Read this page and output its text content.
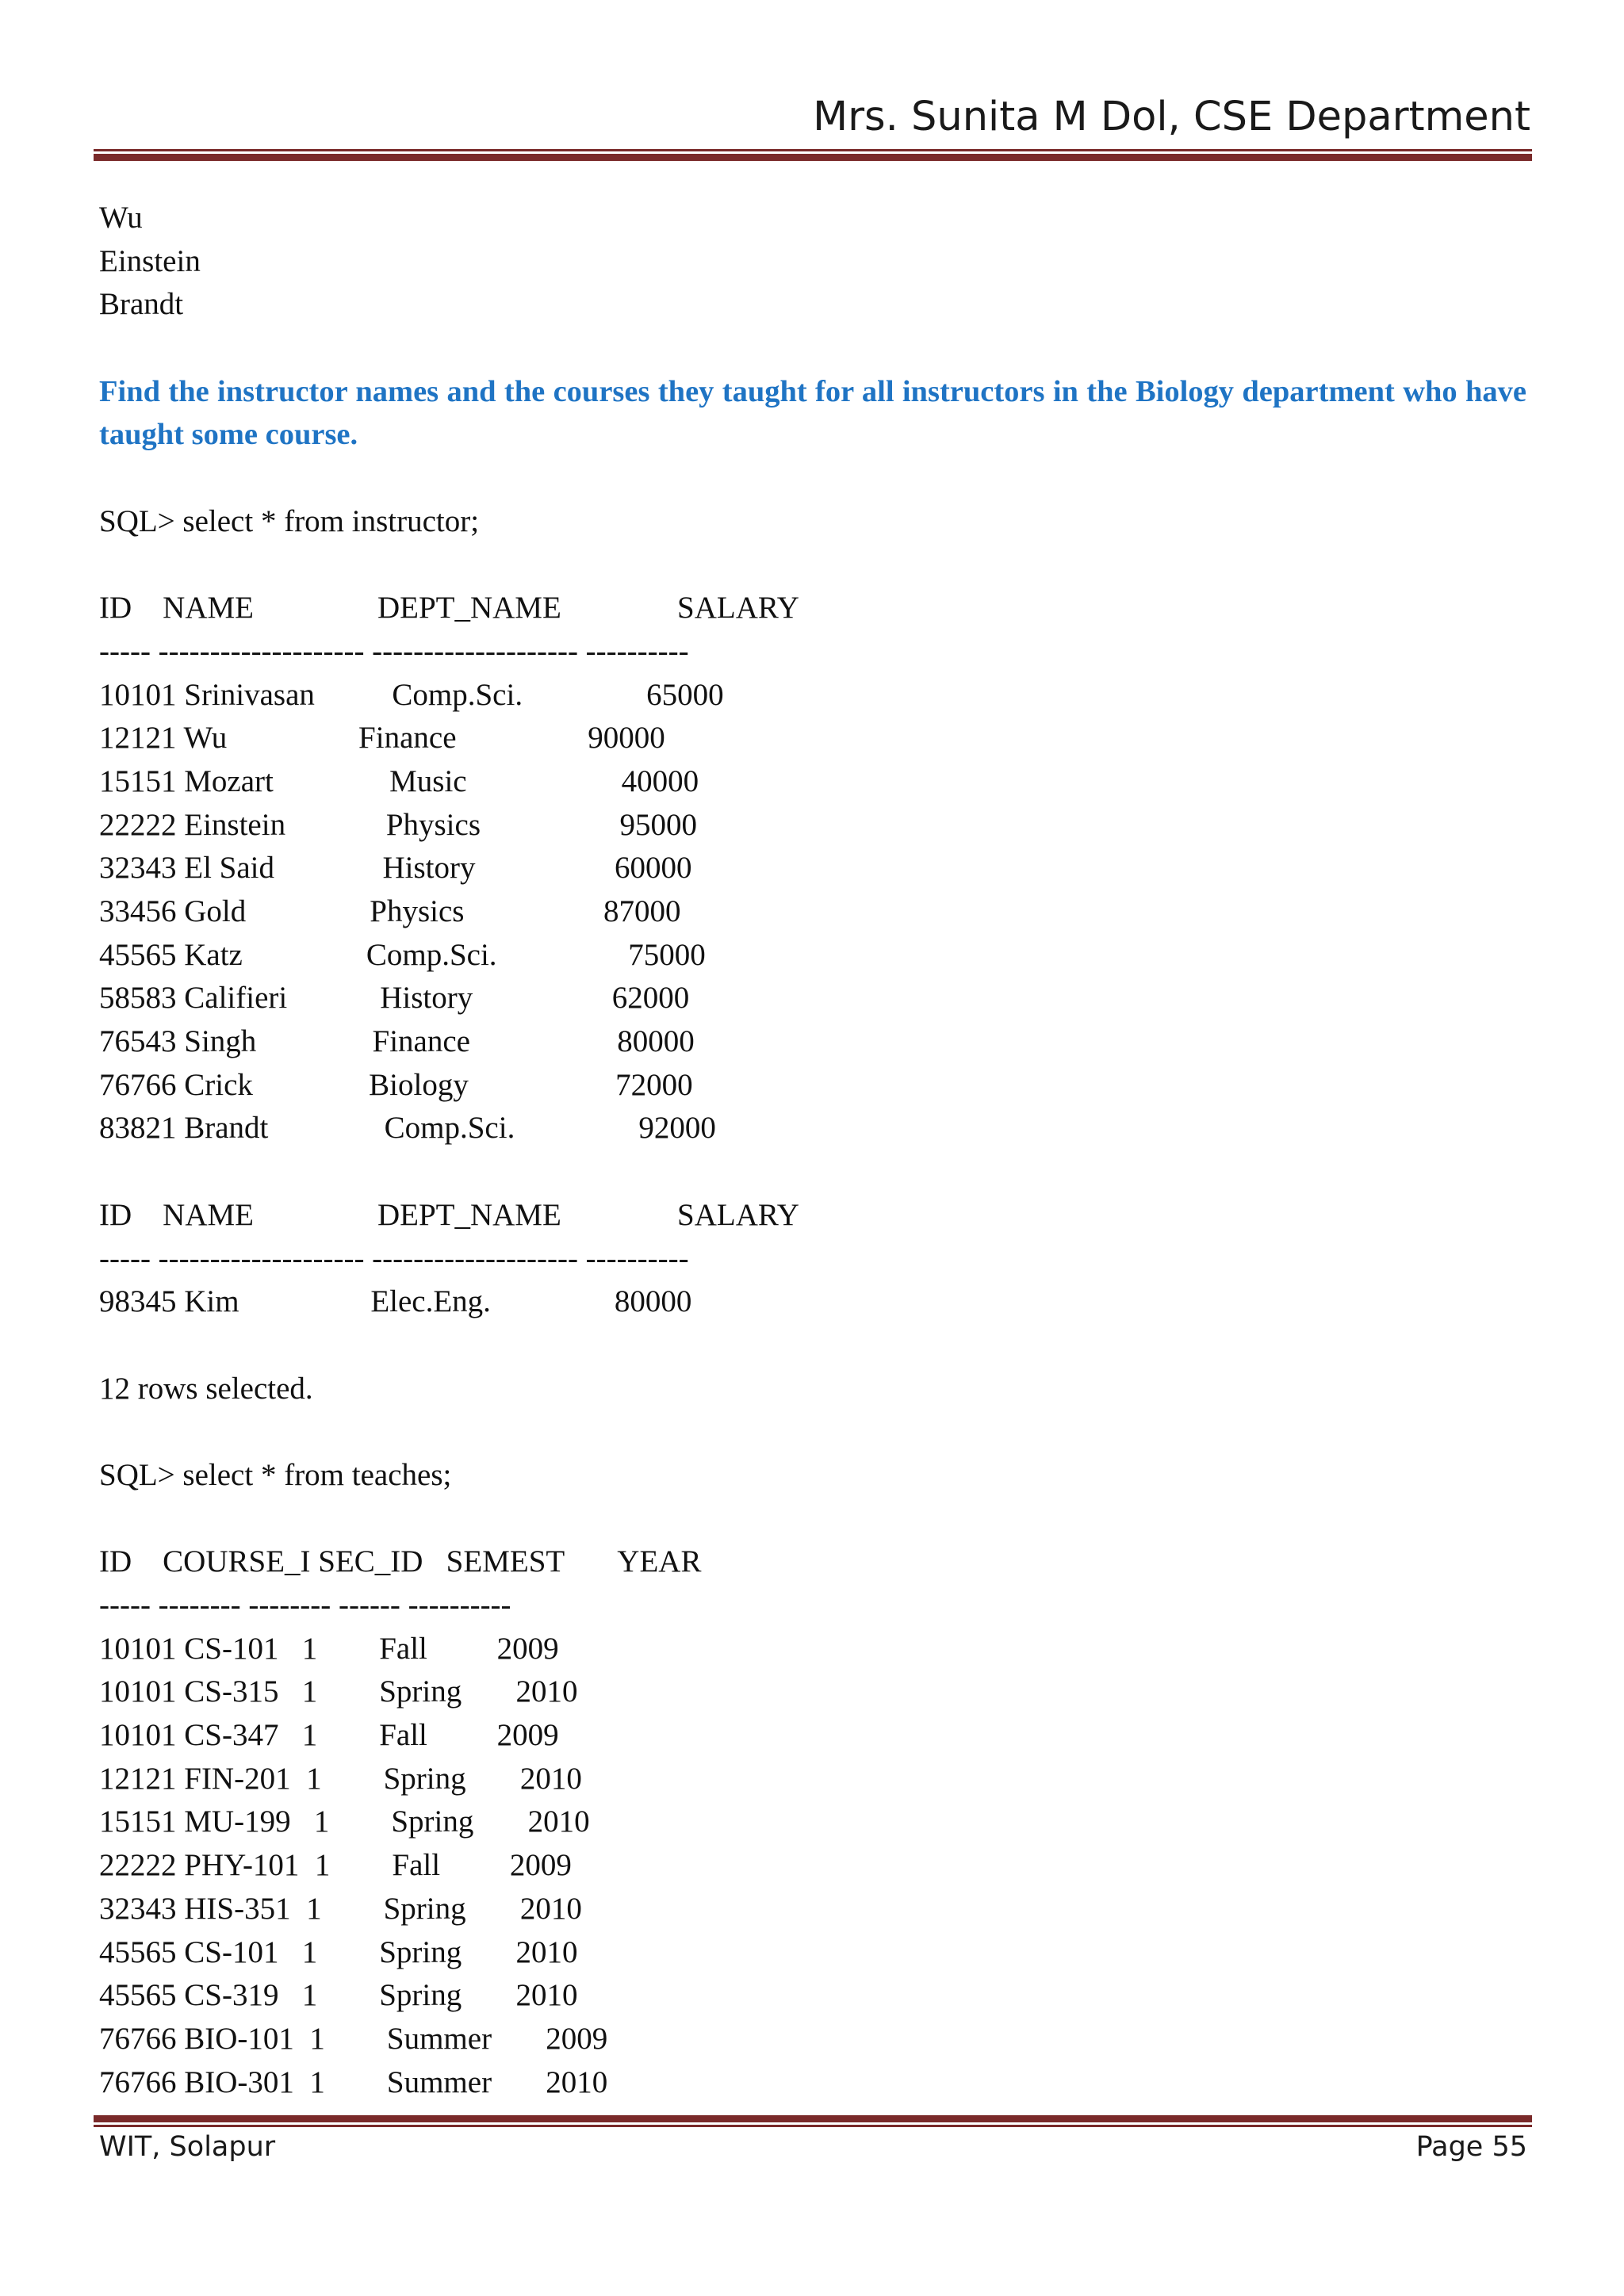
Mrs. Sunita M Dol, CSE Department
Wu
Einstein
Brandt
Find the instructor names and the courses they taught for all instructors in the Biology department who have taught some course.
SQL> select * from instructor;
ID    NAME                DEPT_NAME               SALARY
----- -------------------- -------------------- ----------
10101 Srinivasan          Comp.Sci.                65000
12121 Wu                 Finance                 90000
15151 Mozart               Music                    40000
22222 Einstein             Physics                  95000
32343 El Said              History                  60000
33456 Gold                Physics                  87000
45565 Katz                Comp.Sci.                 75000
58583 Califieri            History                  62000
76543 Singh               Finance                   80000
76766 Crick               Biology                   72000
83821 Brandt               Comp.Sci.                92000
ID    NAME                DEPT_NAME               SALARY
----- -------------------- -------------------- ----------
98345 Kim                 Elec.Eng.                80000
12 rows selected.
SQL> select * from teaches;
ID    COURSE_I SEC_ID   SEMEST       YEAR
----- -------- -------- ------ ----------
10101 CS-101   1        Fall         2009
10101 CS-315   1        Spring       2010
10101 CS-347   1        Fall         2009
12121 FIN-201  1        Spring       2010
15151 MU-199   1        Spring       2010
22222 PHY-101  1        Fall         2009
32343 HIS-351  1        Spring       2010
45565 CS-101   1        Spring       2010
45565 CS-319   1        Spring       2010
76766 BIO-101  1        Summer       2009
76766 BIO-301  1        Summer       2010
WIT, Solapur	Page 55
